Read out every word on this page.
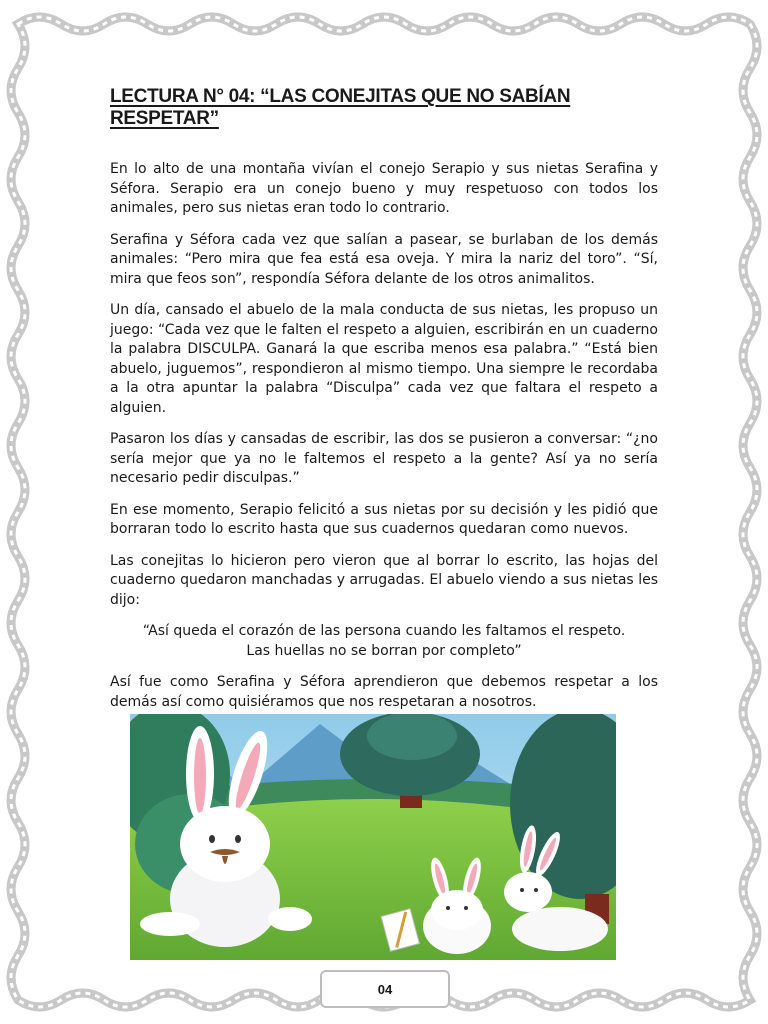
LECTURA N° 04: “LAS CONEJITAS QUE NO SABÍAN RESPETAR”

En lo alto de una montaña vivían el conejo Serapio y sus nietas Serafina y Séfora. Serapio era un conejo bueno y muy respetuoso con todos los animales, pero sus nietas eran todo lo contrario.

Serafina y Séfora cada vez que salían a pasear, se burlaban de los demás animales: “Pero mira que fea está esa oveja. Y mira la nariz del toro”. “Sí, mira que feos son”, respondía Séfora delante de los otros animalitos.

Un día, cansado el abuelo de la mala conducta de sus nietas, les propuso un juego: “Cada vez que le falten el respeto a alguien, escribirán en un cuaderno la palabra DISCULPA. Ganará la que escriba menos esa palabra.” “Está bien abuelo, juguemos”, respondieron al mismo tiempo. Una siempre le recordaba a la otra apuntar la palabra “Disculpa” cada vez que faltara el respeto a alguien.

Pasaron los días y cansadas de escribir, las dos se pusieron a conversar: “¿no sería mejor que ya no le faltemos el respeto a la gente? Así ya no sería necesario pedir disculpas.”

En ese momento, Serapio felicitó a sus nietas por su decisión y les pidió que borraran todo lo escrito hasta que sus cuadernos quedaran como nuevos.

Las conejitas lo hicieron pero vieron que al borrar lo escrito, las hojas del cuaderno quedaron manchadas y arrugadas. El abuelo viendo a sus nietas les dijo:

“Así queda el corazón de las persona cuando les faltamos el respeto. Las huellas no se borran por completo”

Así fue como Serafina y Séfora aprendieron que debemos respetar a los demás así como quisiéramos que nos respetaran a nosotros.

04
